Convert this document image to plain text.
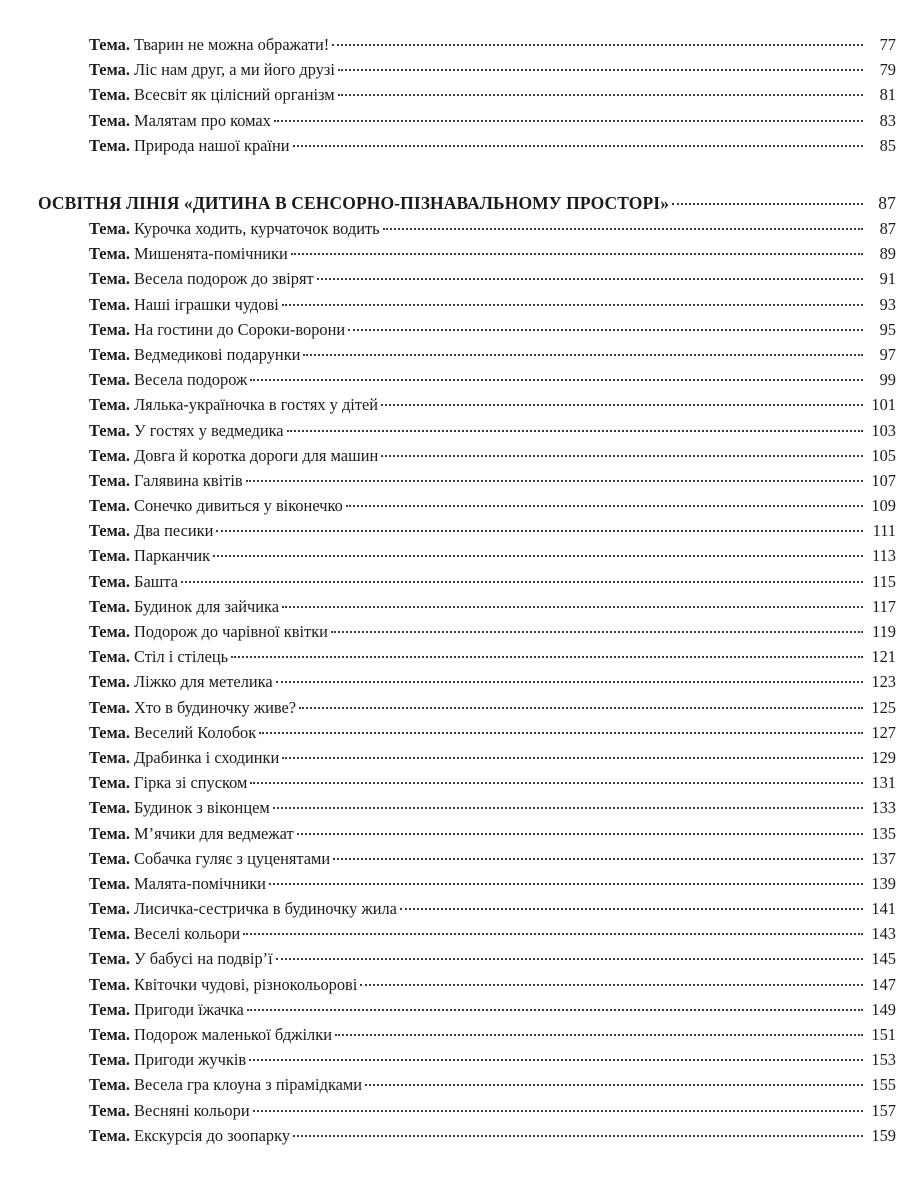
Тема. Тварин не можна ображати!	77
Тема. Ліс нам друг, а ми його друзі	79
Тема. Всесвіт як цілісний організм	81
Тема. Малятам про комах	83
Тема. Природа нашої країни	85
ОСВІТНЯ ЛІНІЯ «ДИТИНА В СЕНСОРНО-ПІЗНАВАЛЬНОМУ ПРОСТОРІ»	87
Тема. Курочка ходить, курчаточок водить	87
Тема. Мишенята-помічники	89
Тема. Весела подорож до звірят	91
Тема. Наші іграшки чудові	93
Тема. На гостини до Сороки-ворони	95
Тема. Ведмедикові подарунки	97
Тема. Весела подорож	99
Тема. Лялька-україночка в гостях у дітей	101
Тема. У гостях у ведмедика	103
Тема. Довга й коротка дороги для машин	105
Тема. Галявина квітів	107
Тема. Сонечко дивиться у віконечко	109
Тема. Два песики	111
Тема. Парканчик	113
Тема. Башта	115
Тема. Будинок для зайчика	117
Тема. Подорож до чарівної квітки	119
Тема. Стіл і стілець	121
Тема. Ліжко для метелика	123
Тема. Хто в будиночку живе?	125
Тема. Веселий Колобок	127
Тема. Драбинка і сходинки	129
Тема. Гірка зі спуском	131
Тема. Будинок з віконцем	133
Тема. М’ячики для ведмежат	135
Тема. Собачка гуляє з цуценятами	137
Тема. Малята-помічники	139
Тема. Лисичка-сестричка в будиночку жила	141
Тема. Веселі кольори	143
Тема. У бабусі на подвір’ї	145
Тема. Квіточки чудові, різнокольорові	147
Тема. Пригоди їжачка	149
Тема. Подорож маленької бджілки	151
Тема. Пригоди жучків	153
Тема. Весела гра клоуна з пірамідками	155
Тема. Весняні кольори	157
Тема. Екскурсія до зоопарку	159
